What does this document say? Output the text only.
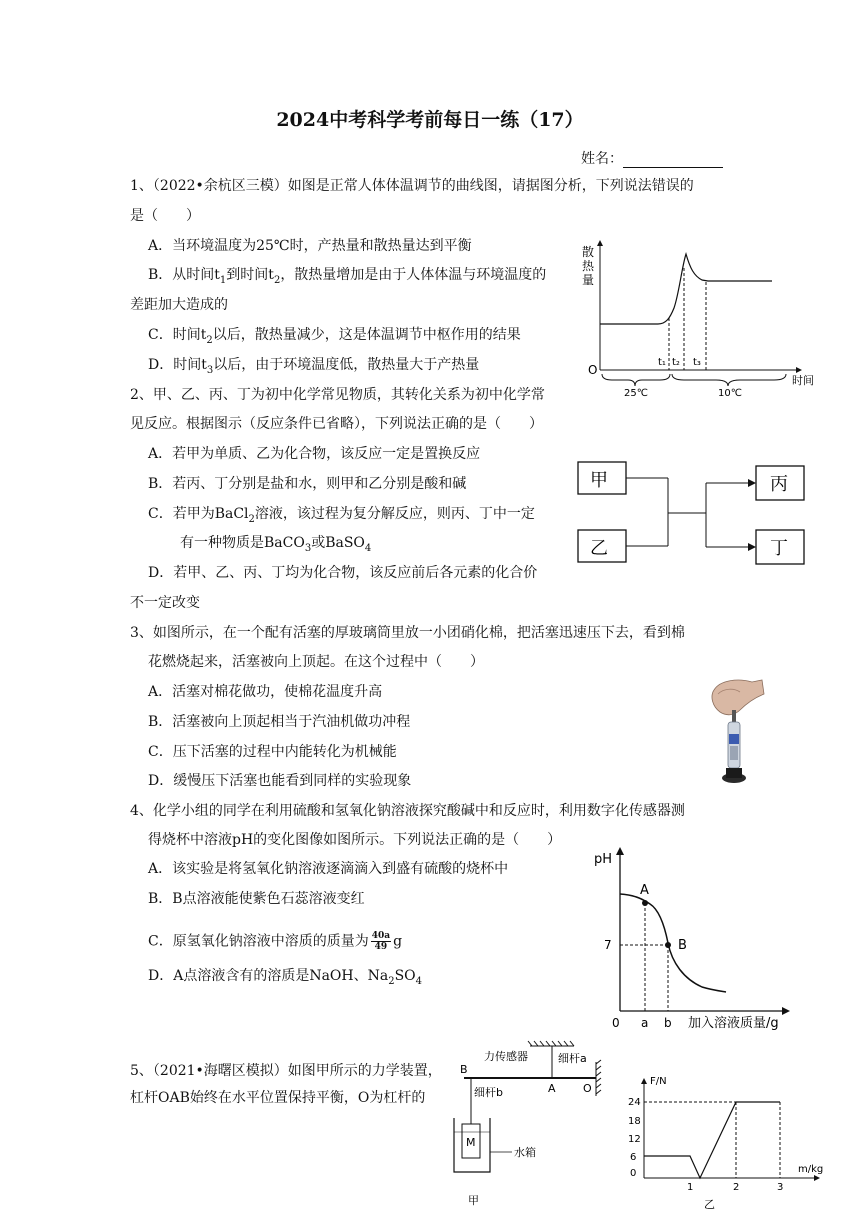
2024中考科学考前每日一练（17）
姓名：
1、（2022•余杭区三模）如图是正常人体体温调节的曲线图，请据图分析，下列说法错误的
是（　　）
A．当环境温度为25℃时，产热量和散热量达到平衡
B．从时间$t_1$到时间$t_2$，散热量增加是由于人体体温与环境温度的
差距加大造成的
C．时间$t_2$以后，散热量减少，这是体温调节中枢作用的结果
D．时间$t_3$以后，由于环境温度低，散热量大于产热量
散
热
量
O
t₁ t₂ t₃
25℃	10℃
时间
2、甲、乙、丙、丁为初中化学常见物质，其转化关系为初中化学常
见反应。根据图示（反应条件已省略），下列说法正确的是（　　）
A．若甲为单质、乙为化合物，该反应一定是置换反应
B．若丙、丁分别是盐和水，则甲和乙分别是酸和碱
C．若甲为BaCl$_2$溶液，该过程为复分解反应，则丙、丁中一定
有一种物质是BaCO$_3$或BaSO$_4$
D．若甲、乙、丙、丁均为化合物，该反应前后各元素的化合价
不一定改变
甲
乙
丙
丁
3、如图所示，在一个配有活塞的厚玻璃筒里放一小团硝化棉，把活塞迅速压下去，看到棉
花燃烧起来，活塞被向上顶起。在这个过程中（　　）
A．活塞对棉花做功，使棉花温度升高
B．活塞被向上顶起相当于汽油机做功冲程
C．压下活塞的过程中内能转化为机械能
D．缓慢压下活塞也能看到同样的实验现象
4、化学小组的同学在利用硫酸和氢氧化钠溶液探究酸碱中和反应时，利用数字化传感器测
得烧杯中溶液pH的变化图像如图所示。下列说法正确的是（　　）
A．该实验是将氢氧化钠溶液逐滴滴入到盛有硫酸的烧杯中
B．B点溶液能使紫色石蕊溶液变红
C．原氢氧化钠溶液中溶质的质量为 $\frac{40a}{49}$ g
D．A点溶液含有的溶质是NaOH、$Na_2SO_4$
pH
0
A
B
7
a b 加入溶液质量/g
5、（2021•海曙区模拟）如图甲所示的力学装置，
杠杆OAB始终在水平位置保持平衡，O为杠杆的
力传感器	细杆a
B
A O
细杆b
M
水箱
甲
F/N
m/kg
24
18
12
6
0
1	2	3
乙
